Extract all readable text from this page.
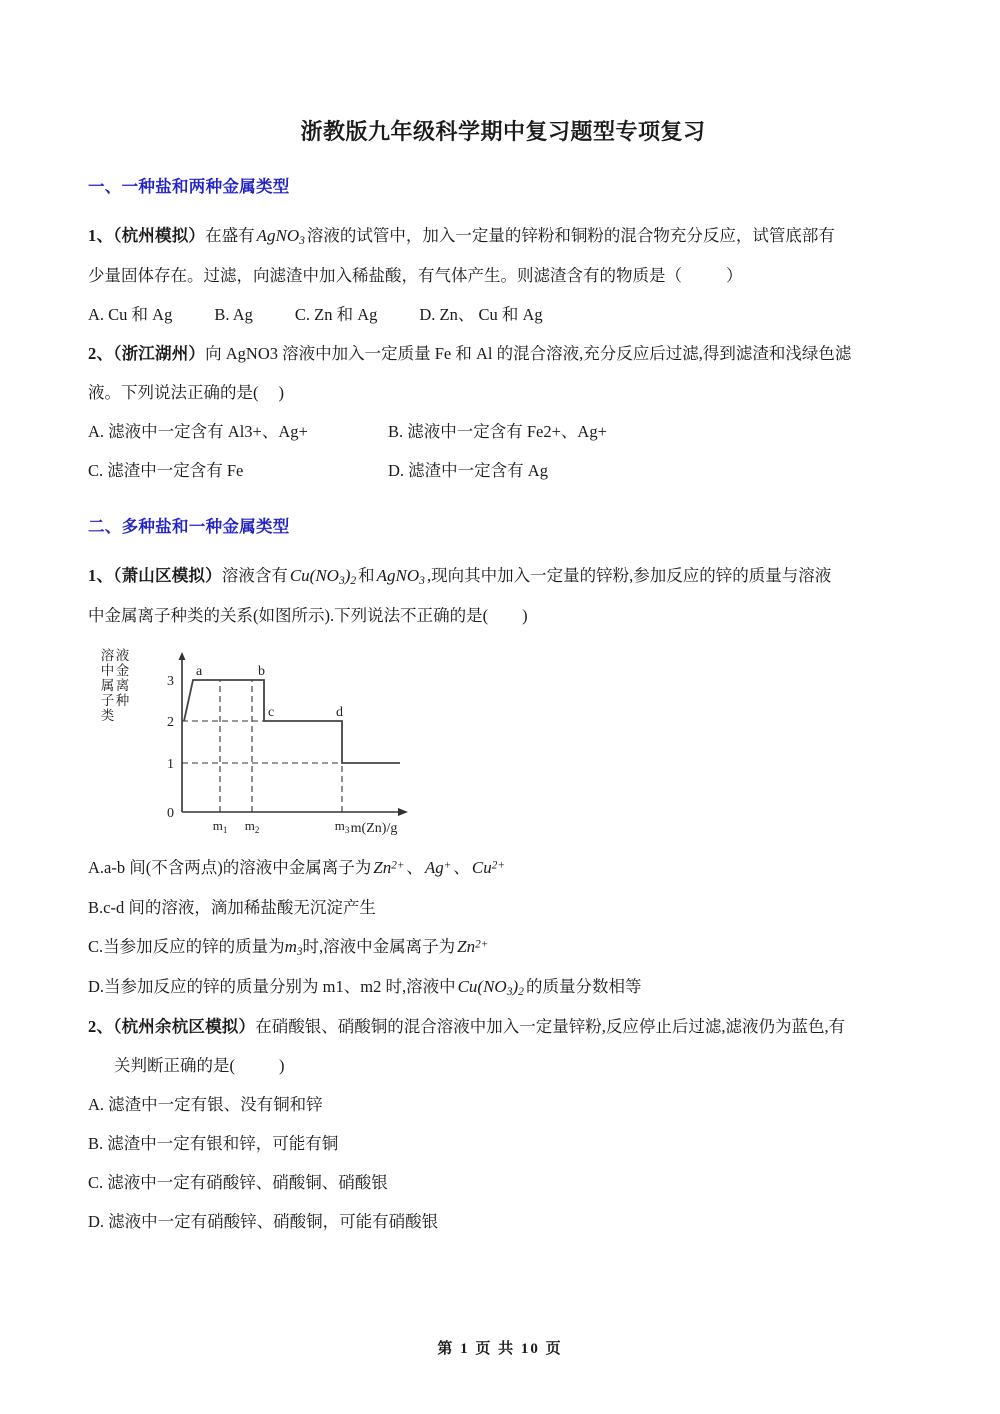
浙教版九年级科学期中复习题型专项复习
一、一种盐和两种金属类型
1、（杭州模拟）在盛有 AgNO$_3$ 溶液的试管中，加入一定量的锌粉和铜粉的混合物充分反应，试管底部有
少量固体存在。过滤，向滤渣中加入稀盐酸，有气体产生。则滤渣含有的物质是（	）
A. Cu 和 Ag	B. Ag	C. Zn 和 Ag	D. Zn、 Cu 和 Ag
2、（浙江湖州）向 AgNO3 溶液中加入一定质量 Fe 和 Al 的混合溶液,充分反应后过滤,得到滤渣和浅绿色滤
液。下列说法正确的是( )
A. 滤液中一定含有 Al3+、Ag+	B. 滤液中一定含有 Fe2+、Ag+
C. 滤渣中一定含有 Fe	D. 滤渣中一定含有 Ag
二、多种盐和一种金属类型
1、（萧山区模拟）溶液含有 $Cu(NO_3)_2$ 和 AgNO$_3$ ,现向其中加入一定量的锌粉,参加反应的锌的质量与溶液
中金属离子种类的关系(如图所示).下列说法不正确的是( )
溶
中
属
子
类
液
金
离
种
0
1
2
3
a	b
c	d
$m_1$ $m_2$	$m_3$ m(Zn)/g
A.a-b 间(不含两点)的溶液中金属离子为 $Zn^{2+}$ 、 Ag+ 、 $Cu^{2+}$
B.c-d 间的溶液，滴加稀盐酸无沉淀产生
C.当参加反应的锌的质量为$m_3$时,溶液中金属离子为 $Zn^{2+}$
D.当参加反应的锌的质量分别为 m1、m2 时,溶液中 $Cu(NO_3)_2$ 的质量分数相等
2、（杭州余杭区模拟）在硝酸银、硝酸铜的混合溶液中加入一定量锌粉,反应停止后过滤,滤液仍为蓝色,有
关判断正确的是(	)
A. 滤渣中一定有银、没有铜和锌
B. 滤渣中一定有银和锌，可能有铜
C. 滤液中一定有硝酸锌、硝酸铜、硝酸银
D. 滤液中一定有硝酸锌、硝酸铜，可能有硝酸银
第 1 页 共 10 页
